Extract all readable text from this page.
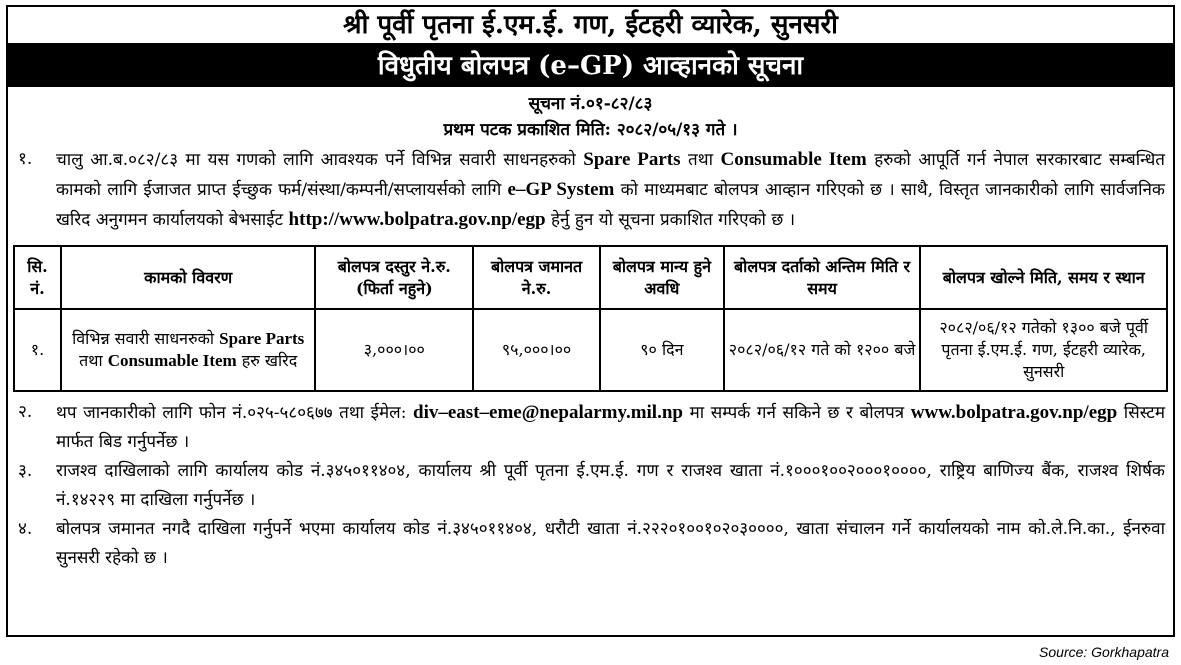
श्री पूर्वी पृतना ई.एम.ई. गण, ईटहरी व्यारेक, सुनसरी
विधुतीय बोलपत्र (e–GP) आव्हानको सूचना
सूचना नं.०१-८२/८३
प्रथम पटक प्रकाशित मिति: २०८२/०५/१३ गते ।
१. चालु आ.ब.०८२/८३ मा यस गणको लागि आवश्यक पर्ने विभिन्न सवारी साधनहरुको Spare Parts तथा Consumable Item हरुको आपूर्ति गर्न नेपाल सरकारबाट सम्बन्धित कामको लागि ईजाजत प्राप्त ईच्छुक फर्म/संस्था/कम्पनी/सप्लायर्सको लागि e–GP System को माध्यमबाट बोलपत्र आव्हान गरिएको छ । साथै, विस्तृत जानकारीको लागि सार्वजनिक खरिद अनुगमन कार्यालयको बेभसाईट http://www.bolpatra.gov.np/egp हेर्नु हुन यो सूचना प्रकाशित गरिएको छ ।
सि. नं.	कामको विवरण	बोलपत्र दस्तुर ने.रु.(फिर्ता नहुने)	बोलपत्र जमानत ने.रु.	बोलपत्र मान्य हुने अवधि	बोलपत्र दर्ताको अन्तिम मिति र समय	बोलपत्र खोल्ने मिति, समय र स्थान
१.	विभिन्न सवारी साधनरुको Spare Parts तथा Consumable Item हरु खरिद	३,०००।००	९५,०००।००	९० दिन	२०८२/०६/१२ गते को १२०० बजे	२०८२/०६/१२ गतेको १३०० बजे पूर्वी पृतना ई.एम.ई. गण, ईटहरी व्यारेक, सुनसरी
२. थप जानकारीको लागि फोन नं.०२५-५८०६७७ तथा ईमेल: div–east–eme@nepalarmy.mil.np मा सम्पर्क गर्न सकिने छ र बोलपत्र www.bolpatra.gov.np/egp सिस्टम मार्फत बिड गर्नुपर्नेछ ।
३. राजश्व दाखिलाको लागि कार्यालय कोड नं.३४५०११४०४, कार्यालय श्री पूर्वी पृतना ई.एम.ई. गण र राजश्व खाता नं.१०००१००२०००१००००, राष्ट्रिय बाणिज्य बैंक, राजश्व शिर्षक नं.१४२२९ मा दाखिला गर्नुपर्नेछ ।
४. बोलपत्र जमानत नगदै दाखिला गर्नुपर्ने भएमा कार्यालय कोड नं.३४५०११४०४, धरौटी खाता नं.२२२०१००१०२०३००००, खाता संचालन गर्ने कार्यालयको नाम को.ले.नि.का., ईनरुवा सुनसरी रहेको छ ।
Source: Gorkhapatra
